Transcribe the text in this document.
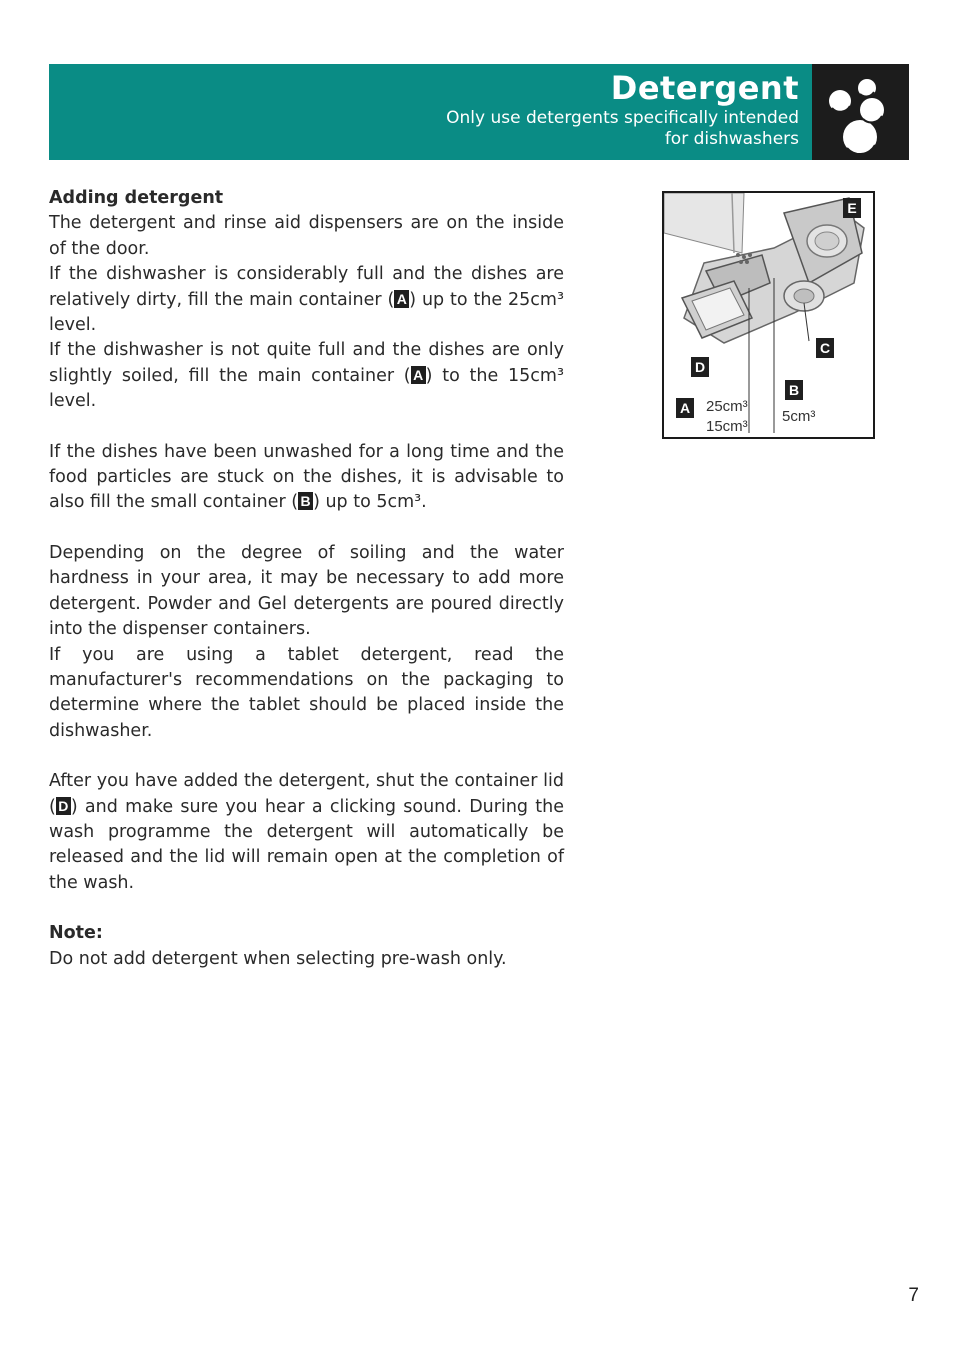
Detergent
Only use detergents specifically intended
for dishwashers

Adding detergent

The detergent and rinse aid dispensers are on the inside of the door.

If the dishwasher is considerably full and the dishes are relatively dirty, fill the main container ( A ) up to the 25cm³ level.

If the dishwasher is not quite full and the dishes are only slightly soiled, fill the main container ( A ) to the 15cm³ level.

If the dishes have been unwashed for a long time and the food particles are stuck on the dishes, it is advisable to also fill the small container ( B ) up to 5cm³.

Depending on the degree of soiling and the water hardness in your area, it may be necessary to add more detergent. Powder and Gel detergents are poured directly into the dispenser containers.

If you are using a tablet detergent, read the manufacturer's recommendations on the packaging to determine where the tablet should be placed inside the dishwasher.

After you have added the detergent, shut the container lid ( D ) and make sure you hear a clicking sound. During the wash programme the detergent will automatically be released and the lid will remain open at the completion of the wash.

Note:

Do not add detergent when selecting pre-wash only.

E
C
D
B
A 25cm³
15cm³
5cm³
7
